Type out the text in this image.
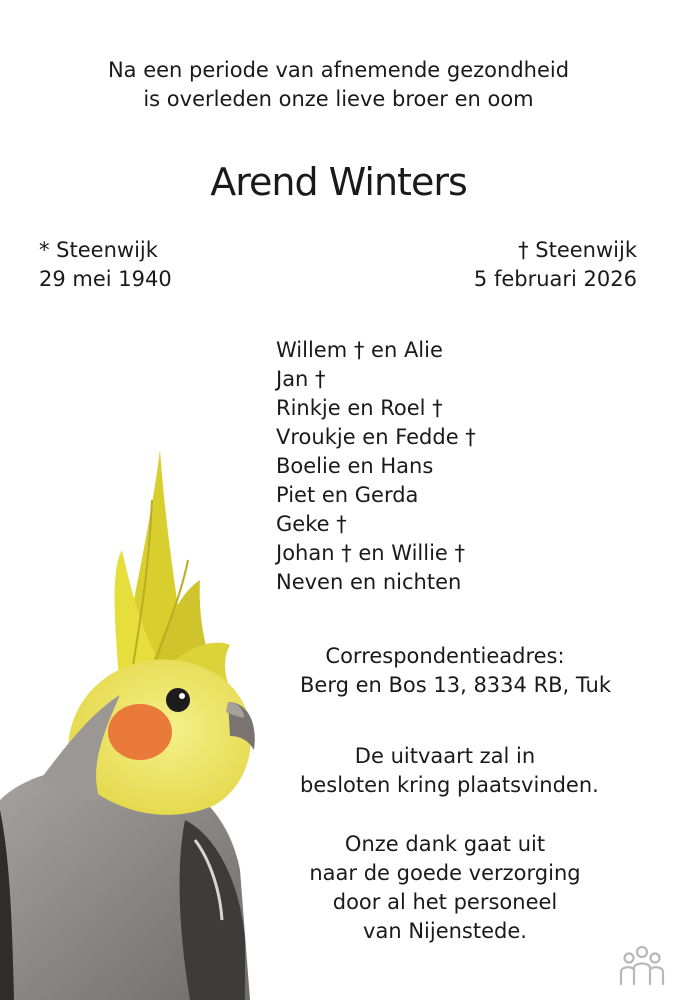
Na een periode van afnemende gezondheid
is overleden onze lieve broer en oom
Arend Winters
* Steenwijk
29 mei 1940
† Steenwijk
5 februari 2026
Willem † en Alie
Jan †
Rinkje en Roel †
Vroukje en Fedde †
Boelie en Hans
Piet en Gerda
Geke †
Johan † en Willie †
Neven en nichten
Correspondentieadres:
Berg en Bos 13, 8334 RB, Tuk
De uitvaart zal in
besloten kring plaatsvinden.
Onze dank gaat uit
naar de goede verzorging
door al het personeel
van Nijenstede.
